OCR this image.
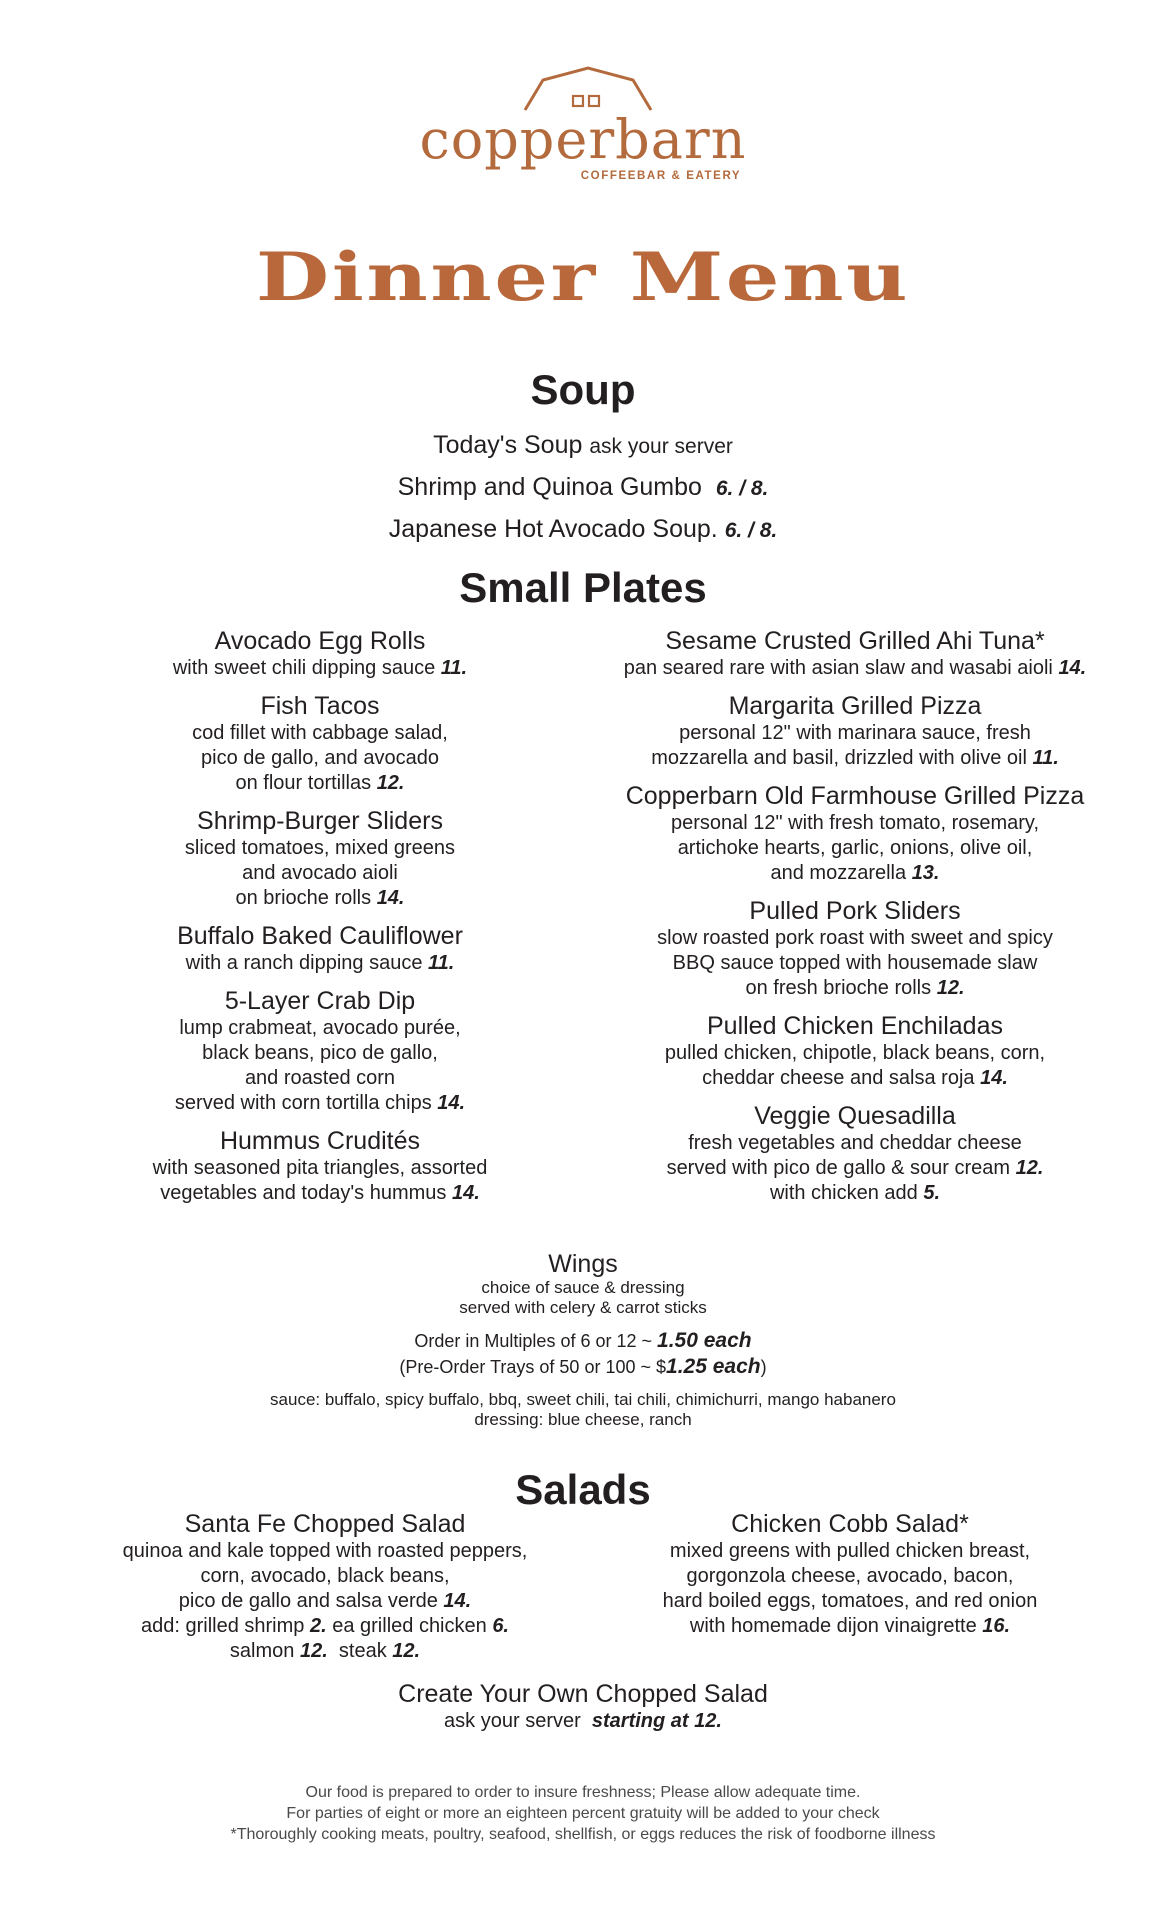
copperbarn
COFFEEBAR & EATERY
Dinner Menu
Soup
Today's Soup ask your server
Shrimp and Quinoa Gumbo 6. / 8.
Japanese Hot Avocado Soup. 6. / 8.
Small Plates
Avocado Egg Rolls
with sweet chili dipping sauce 11.
Fish Tacos
cod fillet with cabbage salad,
pico de gallo, and avocado
on flour tortillas 12.
Shrimp-Burger Sliders
sliced tomatoes, mixed greens
and avocado aioli
on brioche rolls 14.
Buffalo Baked Cauliflower
with a ranch dipping sauce 11.
5-Layer Crab Dip
lump crabmeat, avocado purée,
black beans, pico de gallo,
and roasted corn
served with corn tortilla chips 14.
Hummus Crudités
with seasoned pita triangles, assorted
vegetables and today's hummus 14.
Sesame Crusted Grilled Ahi Tuna*
pan seared rare with asian slaw and wasabi aioli 14.
Margarita Grilled Pizza
personal 12" with marinara sauce, fresh
mozzarella and basil, drizzled with olive oil 11.
Copperbarn Old Farmhouse Grilled Pizza
personal 12" with fresh tomato, rosemary,
artichoke hearts, garlic, onions, olive oil,
and mozzarella 13.
Pulled Pork Sliders
slow roasted pork roast with sweet and spicy
BBQ sauce topped with housemade slaw
on fresh brioche rolls 12.
Pulled Chicken Enchiladas
pulled chicken, chipotle, black beans, corn,
cheddar cheese and salsa roja 14.
Veggie Quesadilla
fresh vegetables and cheddar cheese
served with pico de gallo & sour cream 12.
with chicken add 5.
Wings
choice of sauce & dressing
served with celery & carrot sticks
Order in Multiples of 6 or 12 ~ 1.50 each
(Pre-Order Trays of 50 or 100 ~ $1.25 each)
sauce: buffalo, spicy buffalo, bbq, sweet chili, tai chili, chimichurri, mango habanero
dressing: blue cheese, ranch
Salads
Santa Fe Chopped Salad
quinoa and kale topped with roasted peppers,
corn, avocado, black beans,
pico de gallo and salsa verde 14.
add: grilled shrimp 2. ea grilled chicken 6.
salmon 12. steak 12.
Chicken Cobb Salad*
mixed greens with pulled chicken breast,
gorgonzola cheese, avocado, bacon,
hard boiled eggs, tomatoes, and red onion
with homemade dijon vinaigrette 16.
Create Your Own Chopped Salad
ask your server starting at 12.
Our food is prepared to order to insure freshness; Please allow adequate time.
For parties of eight or more an eighteen percent gratuity will be added to your check
*Thoroughly cooking meats, poultry, seafood, shellfish, or eggs reduces the risk of foodborne illness
